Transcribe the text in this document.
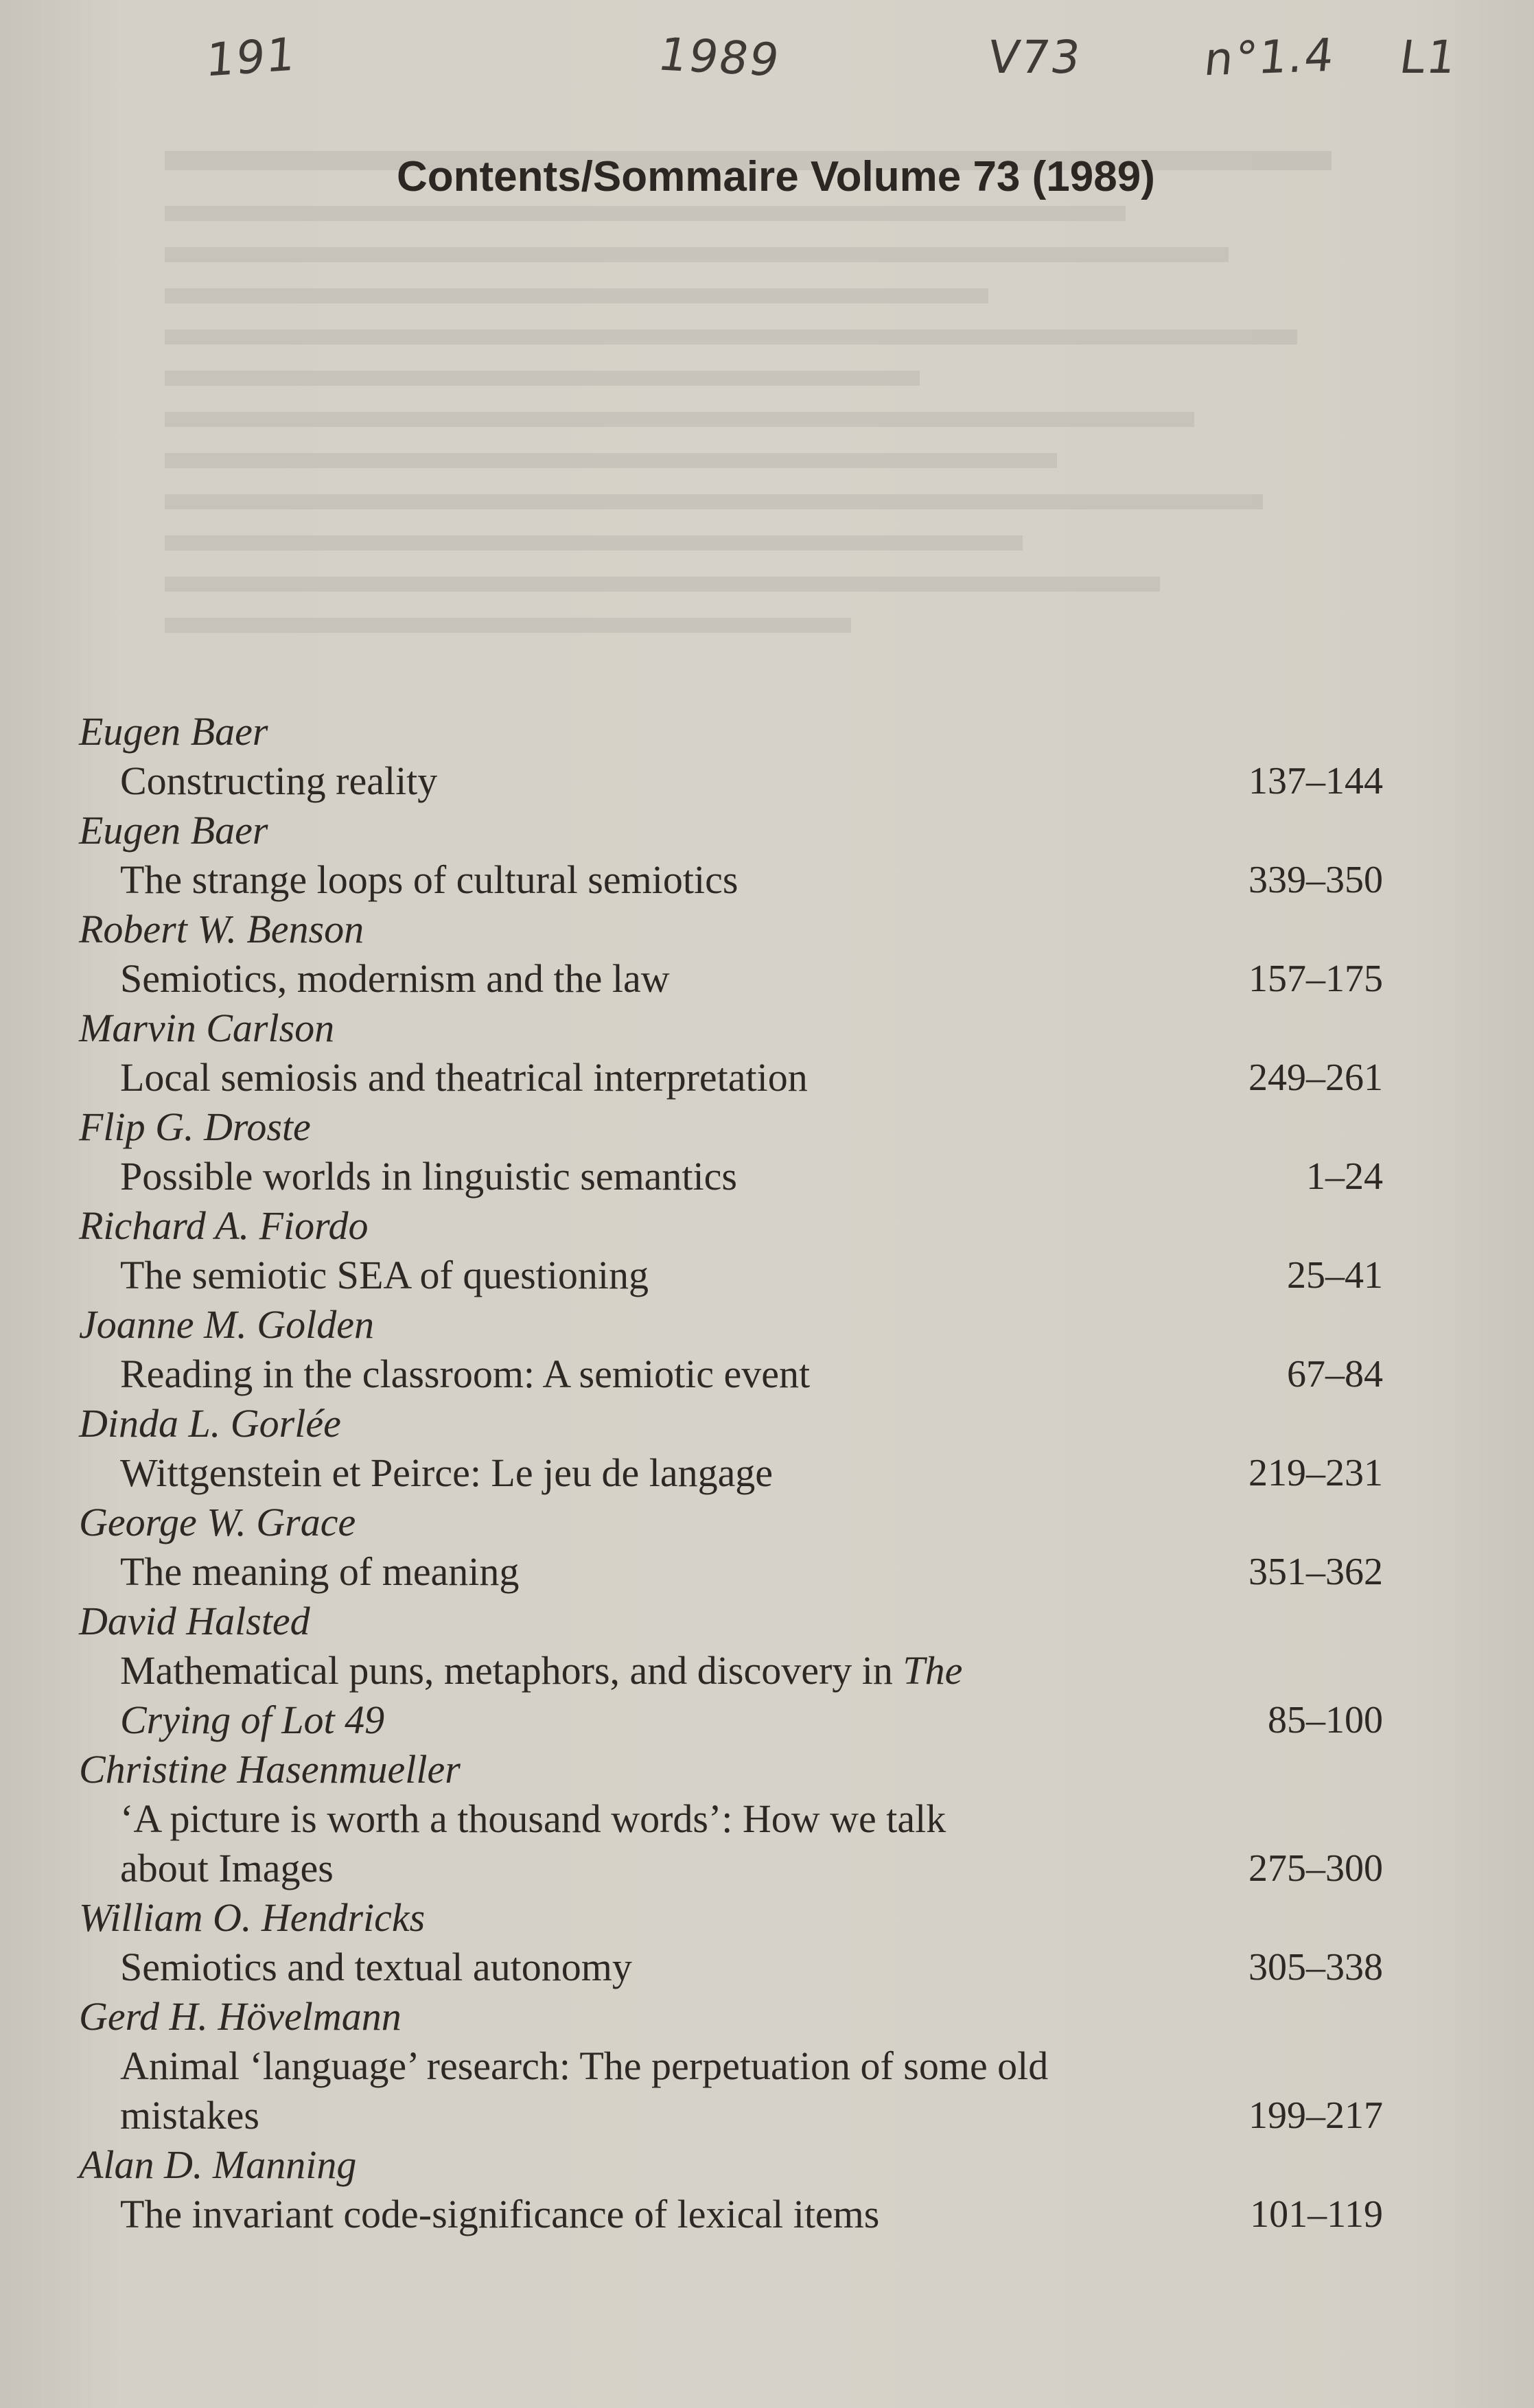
191	1989	V73	n°1.4 L1
Contents/Sommaire Volume 73 (1989)
Eugen Baer
Constructing reality	137–144
Eugen Baer
The strange loops of cultural semiotics	339–350
Robert W. Benson
Semiotics, modernism and the law	157–175
Marvin Carlson
Local semiosis and theatrical interpretation	249–261
Flip G. Droste
Possible worlds in linguistic semantics	1–24
Richard A. Fiordo
The semiotic SEA of questioning	25–41
Joanne M. Golden
Reading in the classroom: A semiotic event	67–84
Dinda L. Gorlée
Wittgenstein et Peirce: Le jeu de langage	219–231
George W. Grace
The meaning of meaning	351–362
David Halsted
Mathematical puns, metaphors, and discovery in The
Crying of Lot 49	85–100
Christine Hasenmueller
‘A picture is worth a thousand words’: How we talk
about Images	275–300
William O. Hendricks
Semiotics and textual autonomy	305–338
Gerd H. Hövelmann
Animal ‘language’ research: The perpetuation of some old
mistakes	199–217
Alan D. Manning
The invariant code-significance of lexical items	101–119
